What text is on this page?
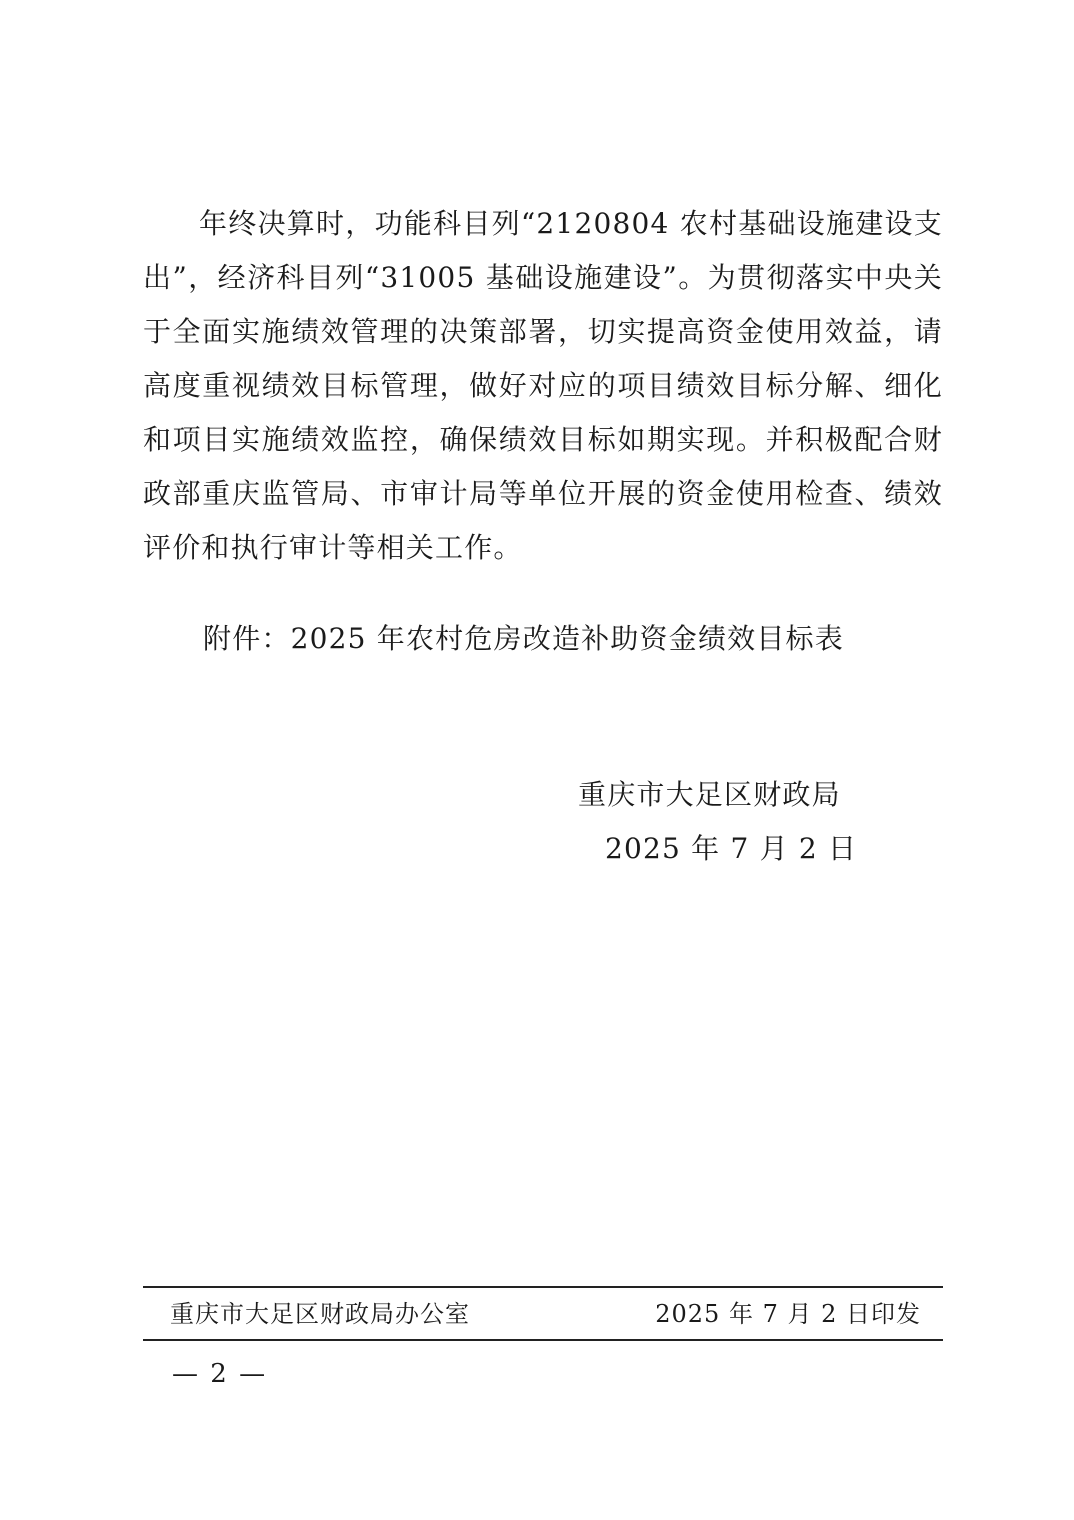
年终决算时，功能科目列“2120804 农村基础设施建设支出”，经济科目列“31005 基础设施建设”。为贯彻落实中央关于全面实施绩效管理的决策部署，切实提高资金使用效益，请高度重视绩效目标管理，做好对应的项目绩效目标分解、细化和项目实施绩效监控，确保绩效目标如期实现。并积极配合财政部重庆监管局、市审计局等单位开展的资金使用检查、绩效评价和执行审计等相关工作。

附件：2025 年农村危房改造补助资金绩效目标表

重庆市大足区财政局
2025 年 7 月 2 日
重庆市大足区财政局办公室	2025 年 7 月 2 日印发
— 2 —
